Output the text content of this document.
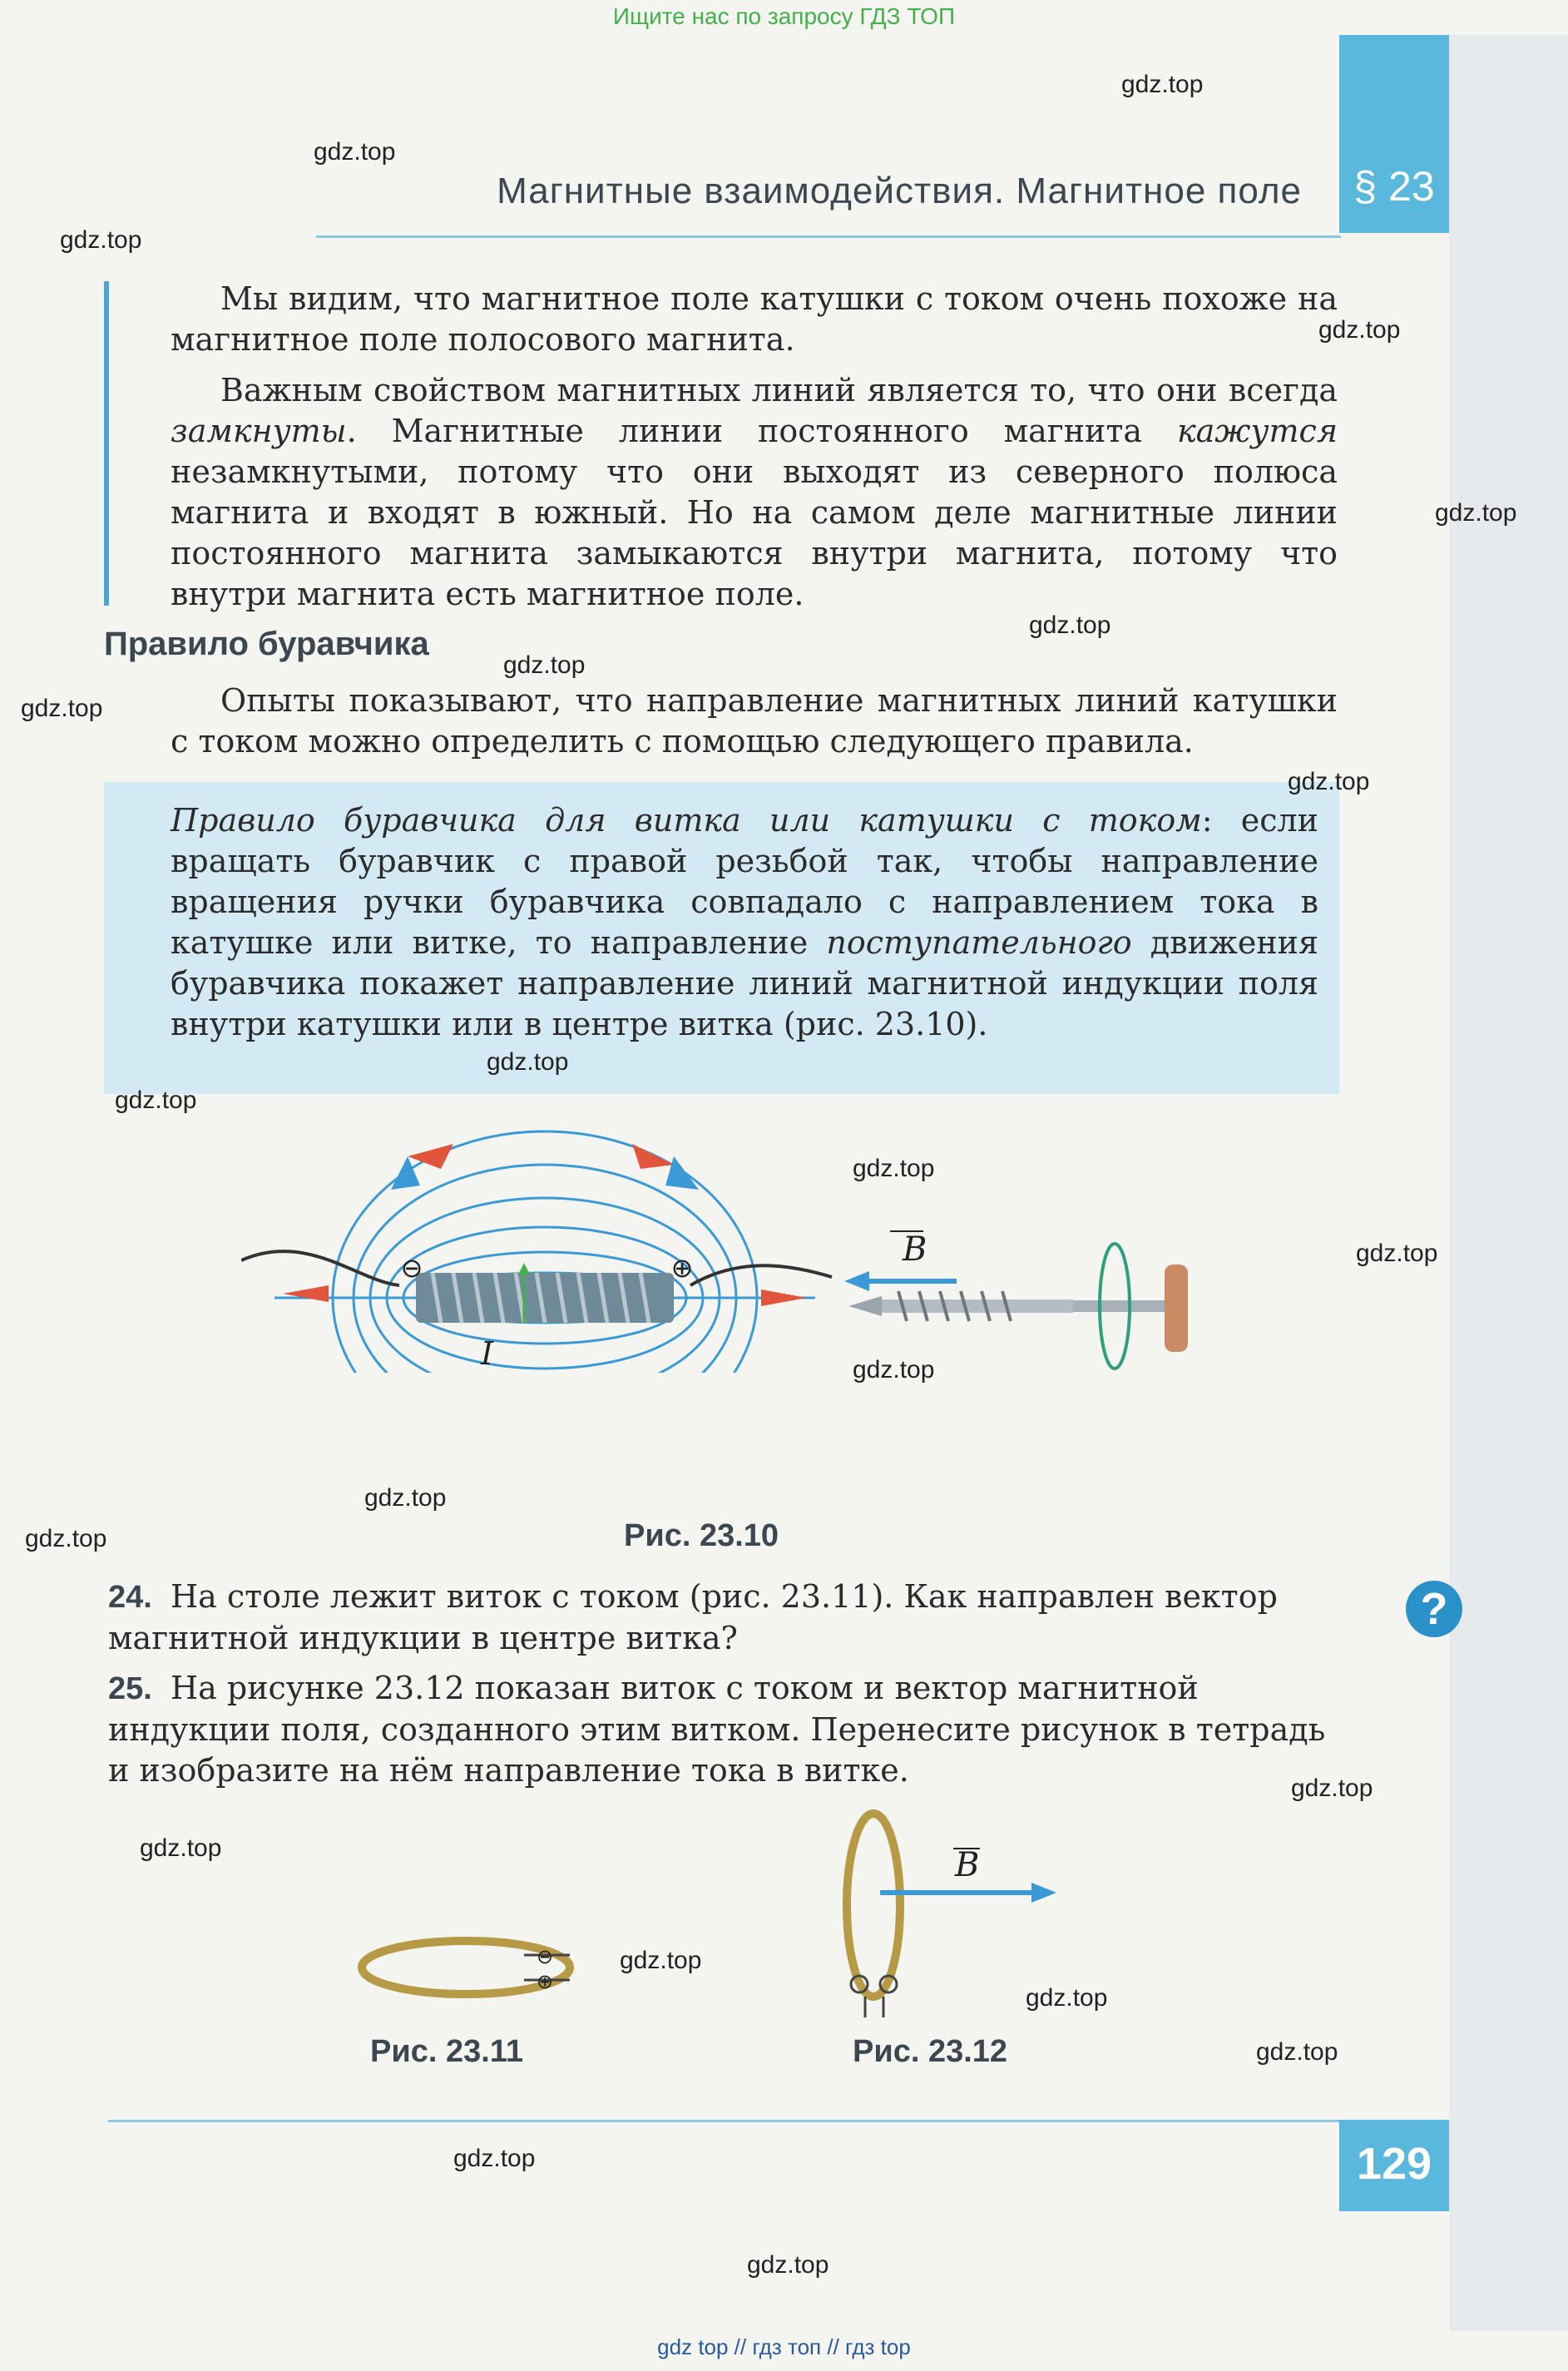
Ищите нас по запросу ГДЗ ТОП
§ 23
Магнитные взаимодействия. Магнитное поле
Мы видим, что магнитное поле катушки с током очень похоже на магнитное поле полосового магнита.
Важным свойством магнитных линий является то, что они всегда замкнуты. Магнитные линии постоянного магнита кажутся незамкнутыми, потому что они выходят из северного полюса магнита и входят в южный. Но на самом деле магнитные линии постоянного магнита замыкаются внутри магнита, потому что внутри магнита есть магнитное поле.
Правило буравчика
Опыты показывают, что направление магнитных линий катушки с током можно определить с помощью следующего правила.
Правило буравчика для витка или катушки с током: если вращать буравчик с правой резьбой так, чтобы направление вращения ручки буравчика совпадало с направлением тока в катушке или витке, то направление поступательного движения буравчика покажет направление линий магнитной индукции поля внутри катушки или в центре витка (рис. 23.10).
⊖	⊕
I
B
Рис. 23.10
24. На столе лежит виток с током (рис. 23.11). Как направлен вектор магнитной индукции в центре витка?
25. На рисунке 23.12 показан виток с током и вектор магнитной индукции поля, созданного этим витком. Перенесите рисунок в тетрадь и изобразите на нём направление тока в витке.
?
⊖
⊕
Рис. 23.11
B
Рис. 23.12
129
gdz.top
gdz.top
gdz.top
gdz.top
gdz.top
gdz.top
gdz.top
gdz.top
gdz.top
gdz.top
gdz.top
gdz.top
gdz.top
gdz.top
gdz.top
gdz.top
gdz.top
gdz.top
gdz.top
gdz.top
gdz.top
gdz.top
gdz.top
gdz top // гдз топ // гдз top
